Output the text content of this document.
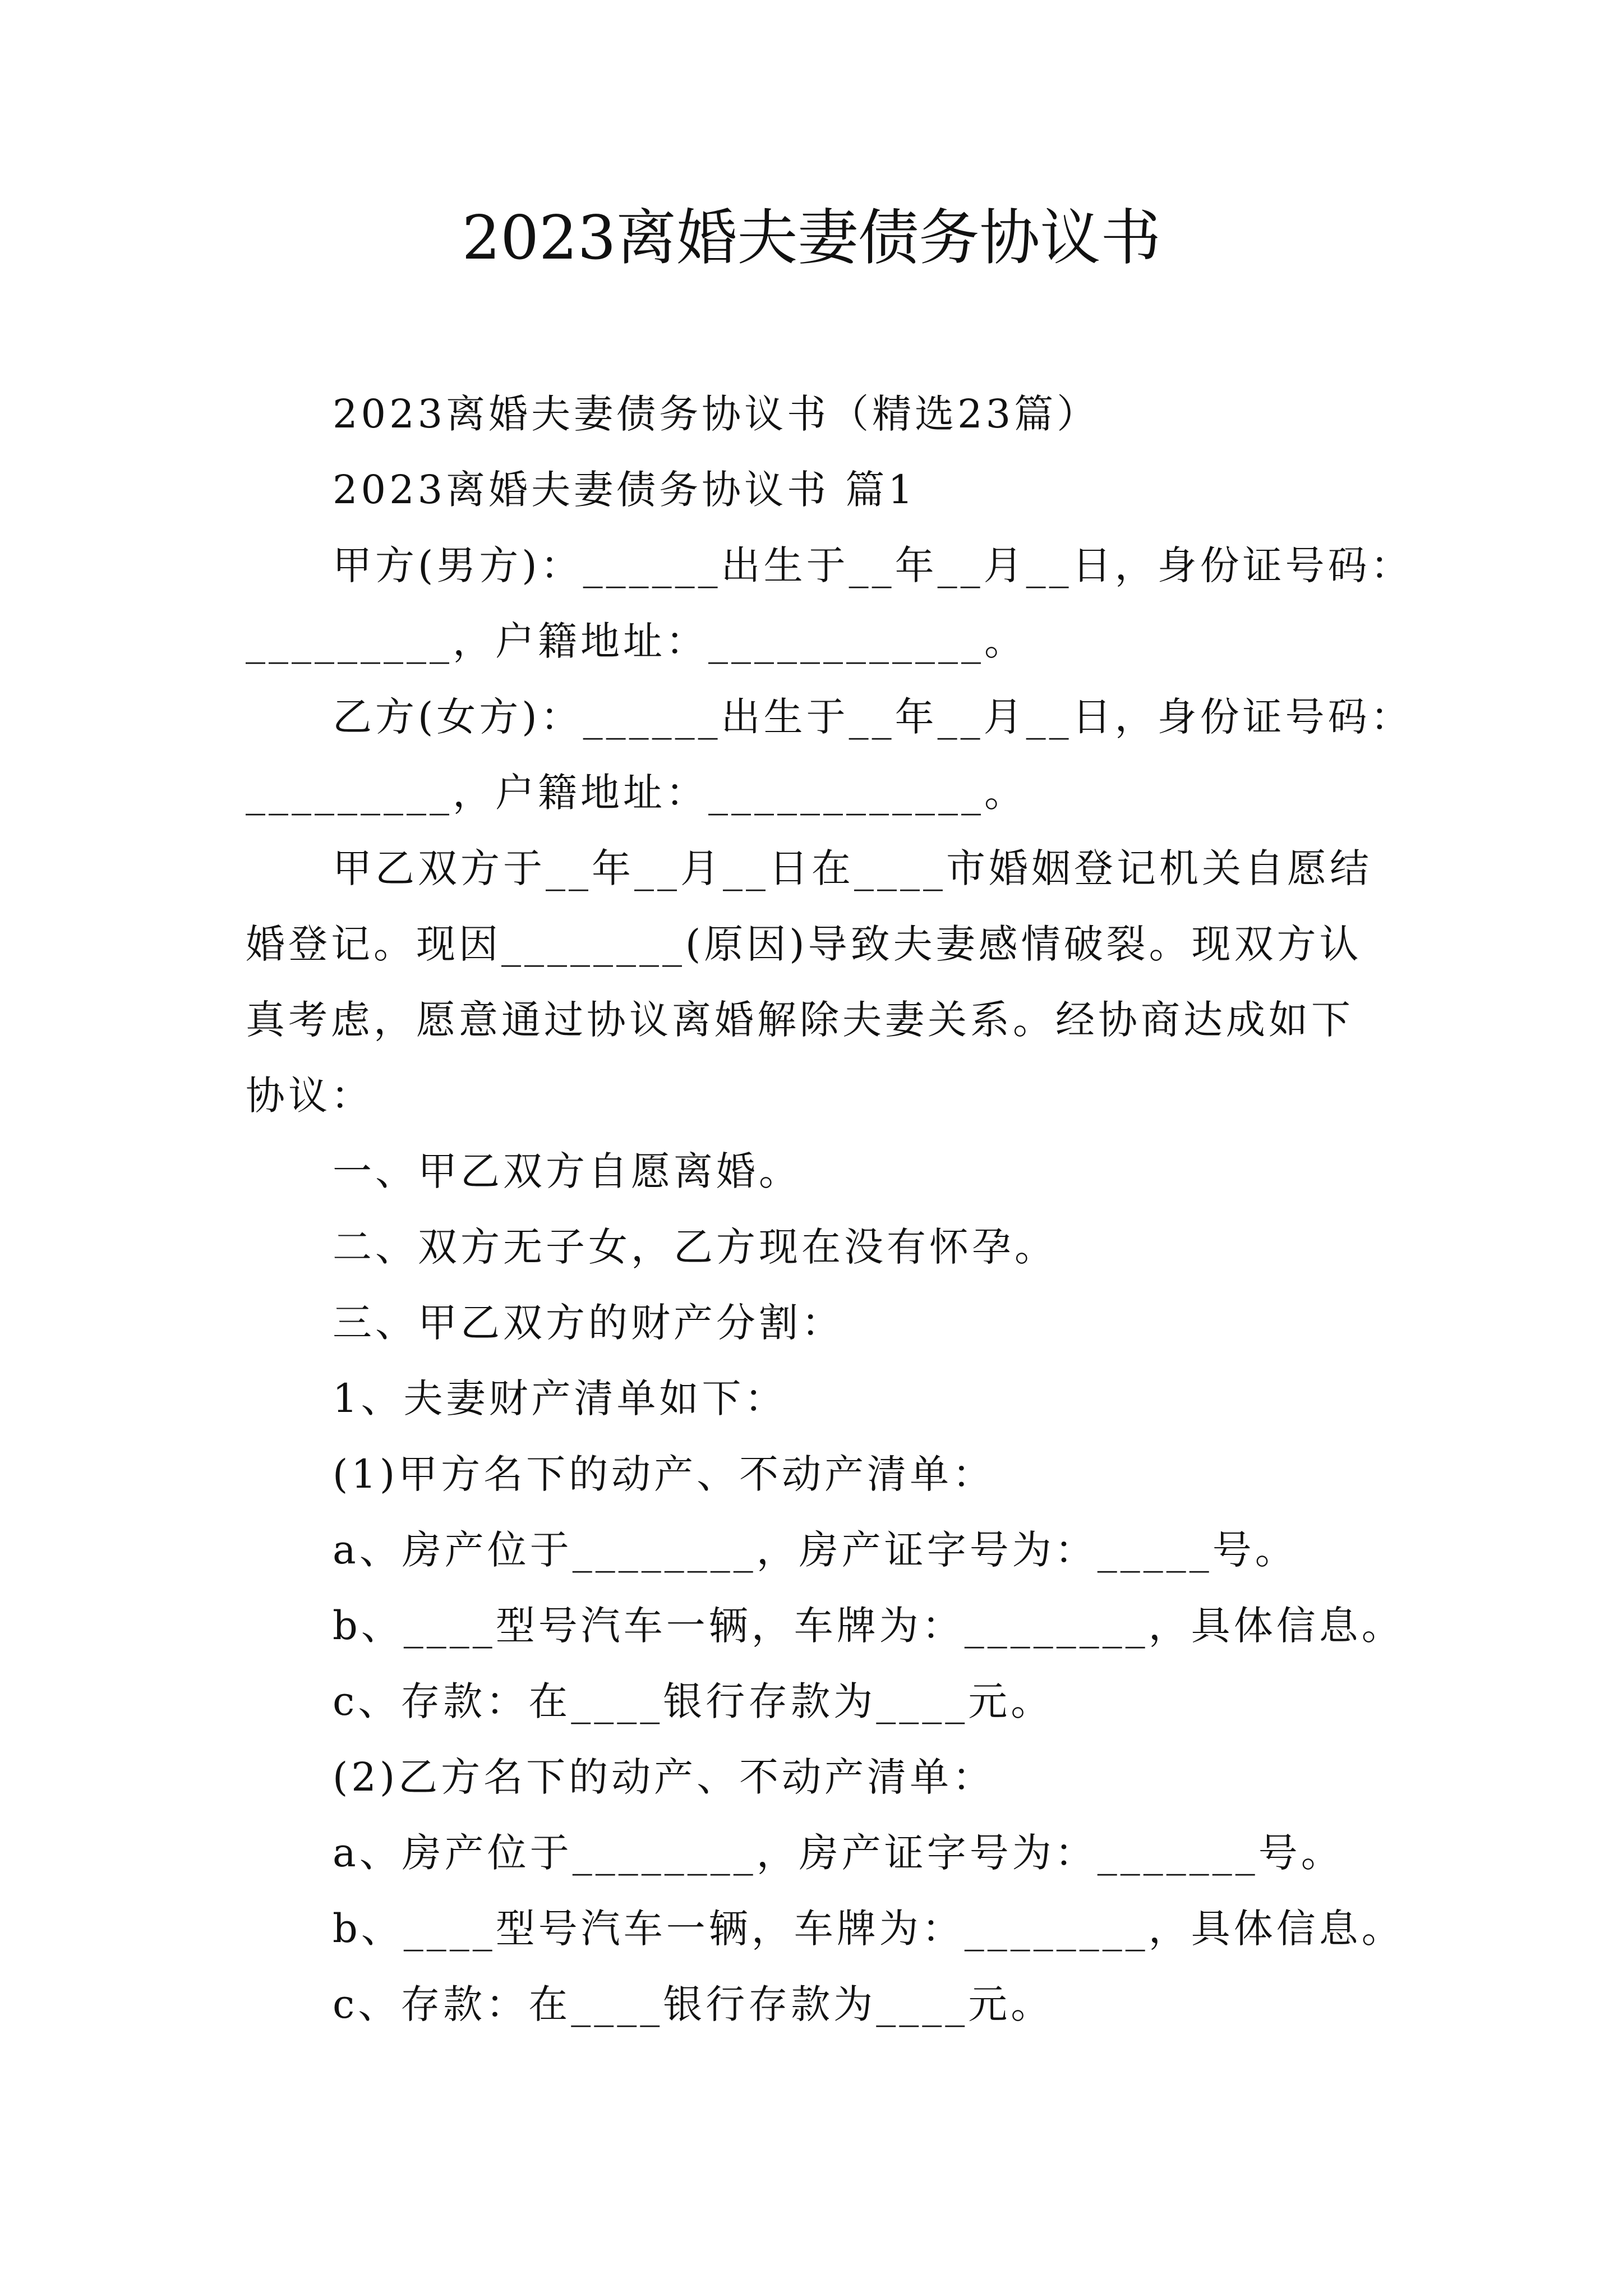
2023离婚夫妻债务协议书
2023离婚夫妻债务协议书（精选23篇）
2023离婚夫妻债务协议书 篇1
甲方(男方)：______出生于__年__月__日，身份证号码：
_________，户籍地址：____________。
乙方(女方)：______出生于__年__月__日，身份证号码：
_________，户籍地址：____________。
甲乙双方于__年__月__日在____市婚姻登记机关自愿结
婚登记。现因________(原因)导致夫妻感情破裂。现双方认
真考虑，愿意通过协议离婚解除夫妻关系。经协商达成如下
协议：
一、甲乙双方自愿离婚。
二、双方无子女，乙方现在没有怀孕。
三、甲乙双方的财产分割：
1、夫妻财产清单如下：
(1)甲方名下的动产、不动产清单：
a、房产位于________，房产证字号为：_____号。
b、____型号汽车一辆，车牌为：________，具体信息。
c、存款：在____银行存款为____元。
(2)乙方名下的动产、不动产清单：
a、房产位于________，房产证字号为：_______号。
b、____型号汽车一辆，车牌为：________，具体信息。
c、存款：在____银行存款为____元。
